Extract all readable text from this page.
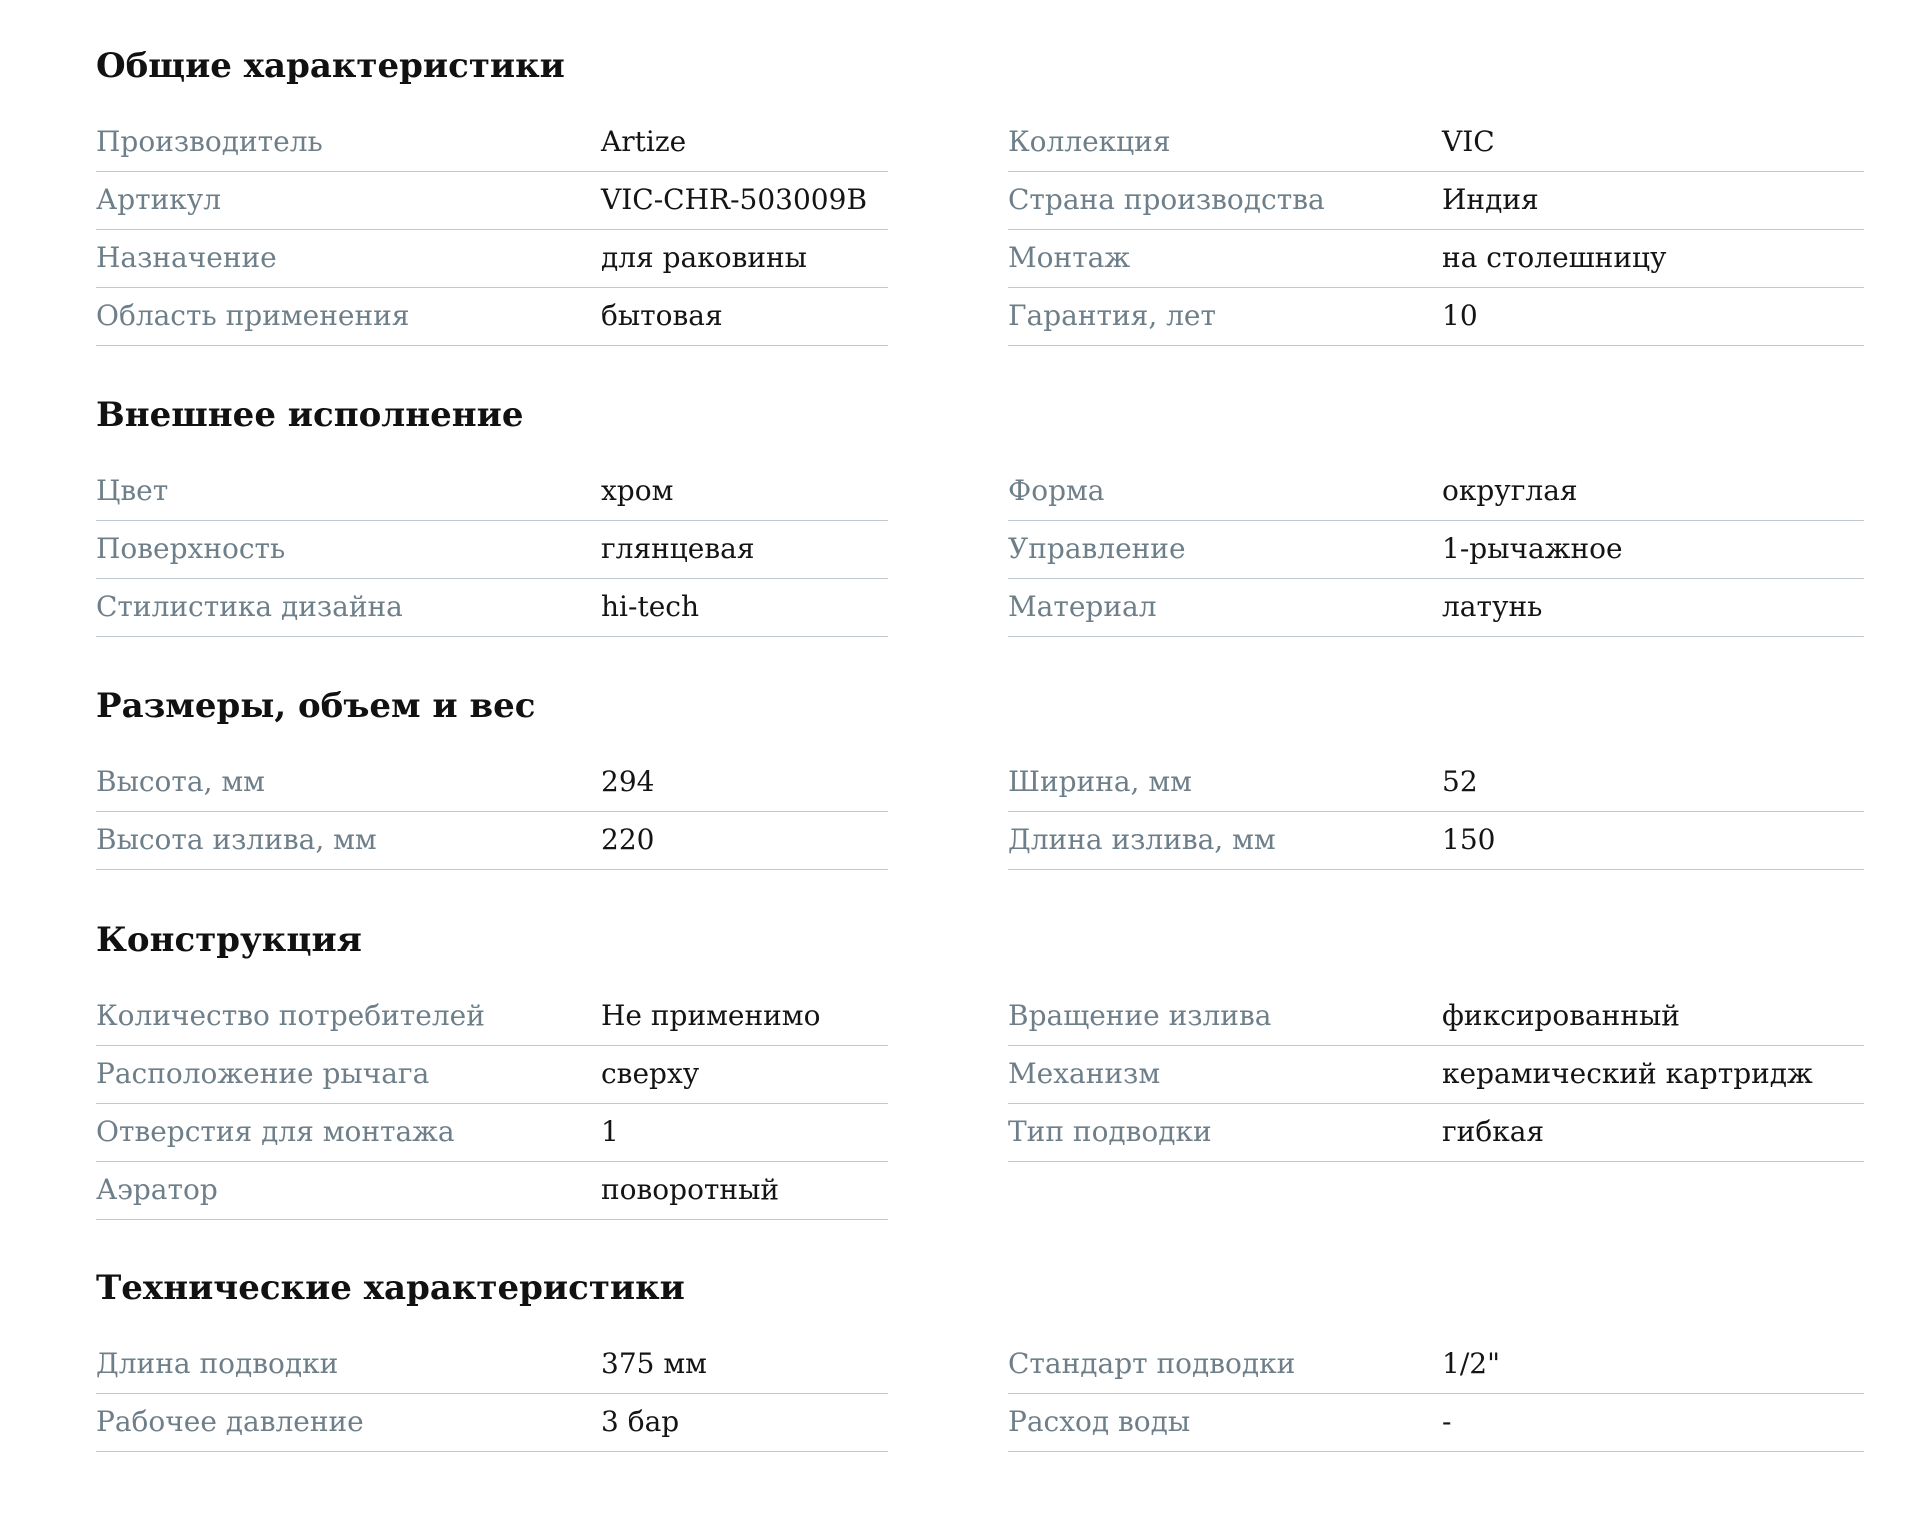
Общие характеристики
Производитель	Artize
Артикул	VIC-CHR-503009B
Назначение	для раковины
Область применения	бытовая
Коллекция	VIC
Страна производства	Индия
Монтаж	на столешницу
Гарантия, лет	10
Внешнее исполнение
Цвет	хром
Поверхность	глянцевая
Стилистика дизайна	hi-tech
Форма	округлая
Управление	1-рычажное
Материал	латунь
Размеры, объем и вес
Высота, мм	294
Высота излива, мм	220
Ширина, мм	52
Длина излива, мм	150
Конструкция
Количество потребителей	Не применимо
Расположение рычага	сверху
Отверстия для монтажа	1
Аэратор	поворотный
Вращение излива	фиксированный
Механизм	керамический картридж
Тип подводки	гибкая
Технические характеристики
Длина подводки	375 мм
Рабочее давление	3 бар
Стандарт подводки	1/2"
Расход воды	-
